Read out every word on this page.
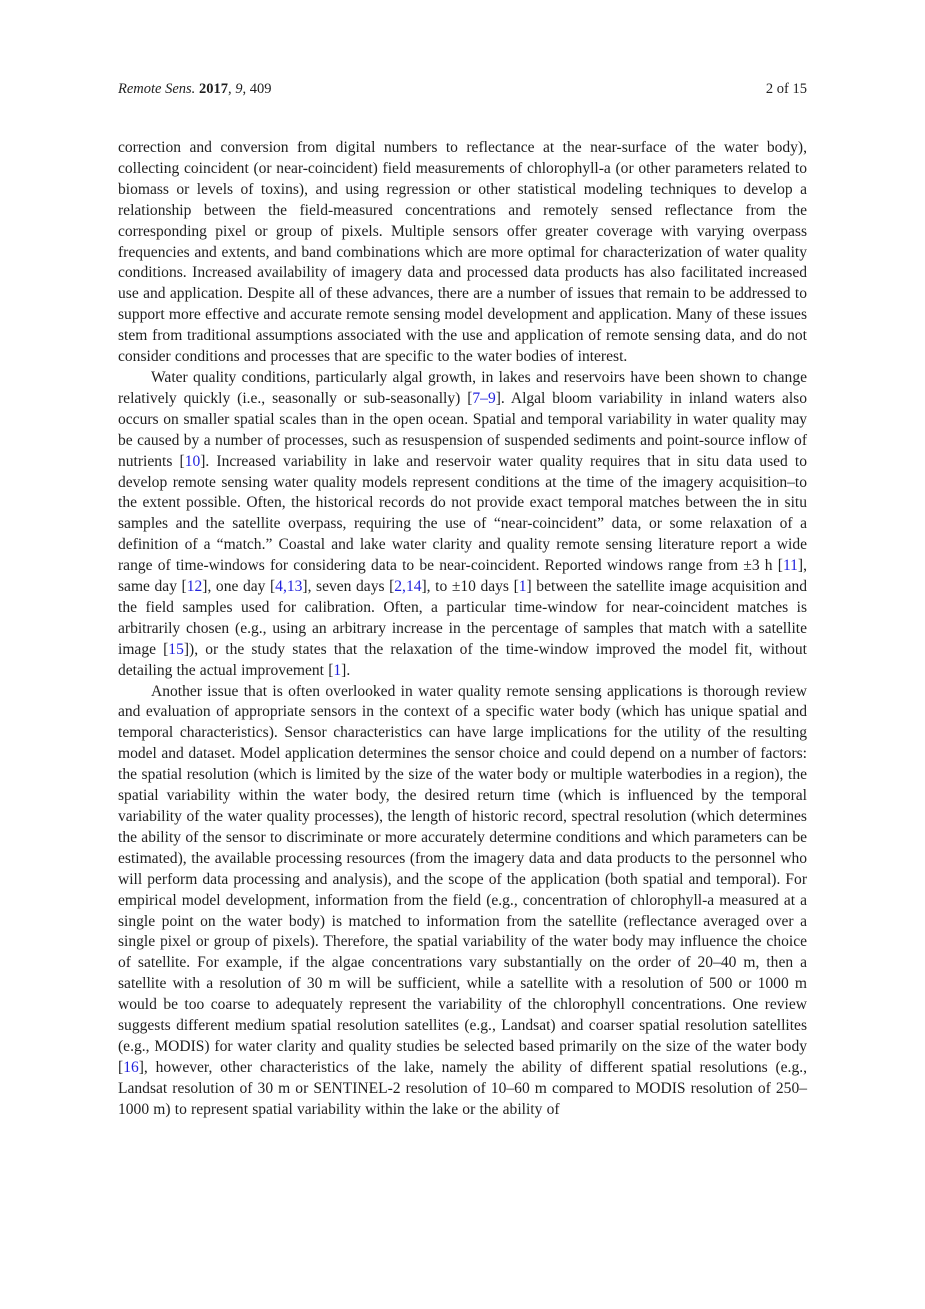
Remote Sens. 2017, 9, 409	2 of 15

correction and conversion from digital numbers to reflectance at the near-surface of the water body), collecting coincident (or near-coincident) field measurements of chlorophyll-a (or other parameters related to biomass or levels of toxins), and using regression or other statistical modeling techniques to develop a relationship between the field-measured concentrations and remotely sensed reflectance from the corresponding pixel or group of pixels. Multiple sensors offer greater coverage with varying overpass frequencies and extents, and band combinations which are more optimal for characterization of water quality conditions. Increased availability of imagery data and processed data products has also facilitated increased use and application. Despite all of these advances, there are a number of issues that remain to be addressed to support more effective and accurate remote sensing model development and application. Many of these issues stem from traditional assumptions associated with the use and application of remote sensing data, and do not consider conditions and processes that are specific to the water bodies of interest.

Water quality conditions, particularly algal growth, in lakes and reservoirs have been shown to change relatively quickly (i.e., seasonally or sub-seasonally) [7–9]. Algal bloom variability in inland waters also occurs on smaller spatial scales than in the open ocean. Spatial and temporal variability in water quality may be caused by a number of processes, such as resuspension of suspended sediments and point-source inflow of nutrients [10]. Increased variability in lake and reservoir water quality requires that in situ data used to develop remote sensing water quality models represent conditions at the time of the imagery acquisition–to the extent possible. Often, the historical records do not provide exact temporal matches between the in situ samples and the satellite overpass, requiring the use of “near-coincident” data, or some relaxation of a definition of a “match.” Coastal and lake water clarity and quality remote sensing literature report a wide range of time-windows for considering data to be near-coincident. Reported windows range from ±3 h [11], same day [12], one day [4,13], seven days [2,14], to ±10 days [1] between the satellite image acquisition and the field samples used for calibration. Often, a particular time-window for near-coincident matches is arbitrarily chosen (e.g., using an arbitrary increase in the percentage of samples that match with a satellite image [15]), or the study states that the relaxation of the time-window improved the model fit, without detailing the actual improvement [1].

Another issue that is often overlooked in water quality remote sensing applications is thorough review and evaluation of appropriate sensors in the context of a specific water body (which has unique spatial and temporal characteristics). Sensor characteristics can have large implications for the utility of the resulting model and dataset. Model application determines the sensor choice and could depend on a number of factors: the spatial resolution (which is limited by the size of the water body or multiple waterbodies in a region), the spatial variability within the water body, the desired return time (which is influenced by the temporal variability of the water quality processes), the length of historic record, spectral resolution (which determines the ability of the sensor to discriminate or more accurately determine conditions and which parameters can be estimated), the available processing resources (from the imagery data and data products to the personnel who will perform data processing and analysis), and the scope of the application (both spatial and temporal). For empirical model development, information from the field (e.g., concentration of chlorophyll-a measured at a single point on the water body) is matched to information from the satellite (reflectance averaged over a single pixel or group of pixels). Therefore, the spatial variability of the water body may influence the choice of satellite. For example, if the algae concentrations vary substantially on the order of 20–40 m, then a satellite with a resolution of 30 m will be sufficient, while a satellite with a resolution of 500 or 1000 m would be too coarse to adequately represent the variability of the chlorophyll concentrations. One review suggests different medium spatial resolution satellites (e.g., Landsat) and coarser spatial resolution satellites (e.g., MODIS) for water clarity and quality studies be selected based primarily on the size of the water body [16], however, other characteristics of the lake, namely the ability of different spatial resolutions (e.g., Landsat resolution of 30 m or SENTINEL-2 resolution of 10–60 m compared to MODIS resolution of 250–1000 m) to represent spatial variability within the lake or the ability of
